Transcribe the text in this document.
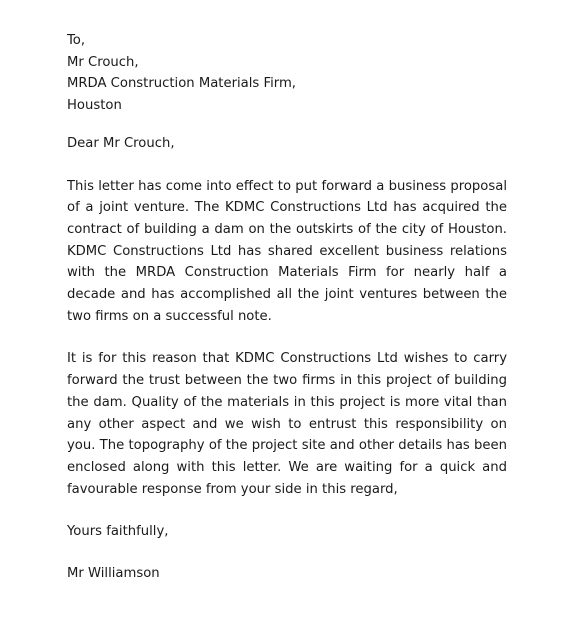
To,
Mr Crouch,
MRDA Construction Materials Firm,
Houston

Dear Mr Crouch,

This letter has come into effect to put forward a business proposal of a joint venture. The KDMC Constructions Ltd has acquired the contract of building a dam on the outskirts of the city of Houston. KDMC Constructions Ltd has shared excellent business relations with the MRDA Construction Materials Firm for nearly half a decade and has accomplished all the joint ventures between the two firms on a successful note.

It is for this reason that KDMC Constructions Ltd wishes to carry forward the trust between the two firms in this project of building the dam. Quality of the materials in this project is more vital than any other aspect and we wish to entrust this responsibility on you. The topography of the project site and other details has been enclosed along with this letter. We are waiting for a quick and favourable response from your side in this regard,

Yours faithfully,

Mr Williamson
